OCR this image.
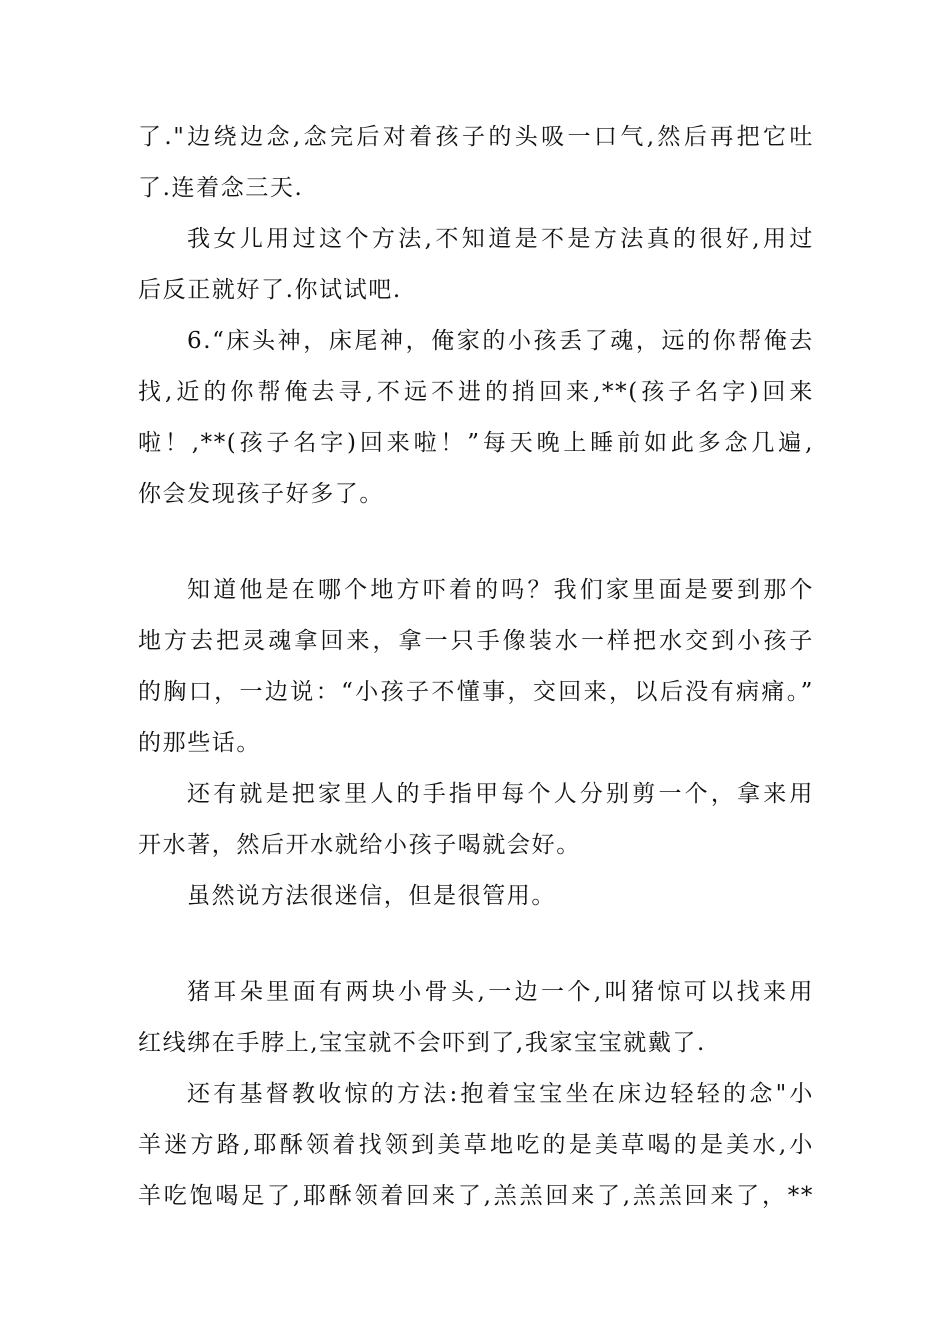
了."边绕边念,念完后对着孩子的头吸一口气,然后再把它吐
了.连着念三天.
我女儿用过这个方法,不知道是不是方法真的很好,用过
后反正就好了.你试试吧.
6.“床头神，床尾神，俺家的小孩丢了魂，远的你帮俺去
找,近的你帮俺去寻,不远不进的捎回来,**(孩子名字)回来
啦！,**(孩子名字)回来啦！”每天晚上睡前如此多念几遍,
你会发现孩子好多了。
知道他是在哪个地方吓着的吗？我们家里面是要到那个
地方去把灵魂拿回来，拿一只手像装水一样把水交到小孩子
的胸口，一边说：“小孩子不懂事，交回来，以后没有病痛。”
的那些话。
还有就是把家里人的手指甲每个人分别剪一个，拿来用
开水著，然后开水就给小孩子喝就会好。
虽然说方法很迷信，但是很管用。
猪耳朵里面有两块小骨头,一边一个,叫猪惊可以找来用
红线绑在手脖上,宝宝就不会吓到了,我家宝宝就戴了.
还有基督教收惊的方法:抱着宝宝坐在床边轻轻的念"小
羊迷方路,耶酥领着找领到美草地吃的是美草喝的是美水,小
羊吃饱喝足了,耶酥领着回来了,羔羔回来了,羔羔回来了，**
